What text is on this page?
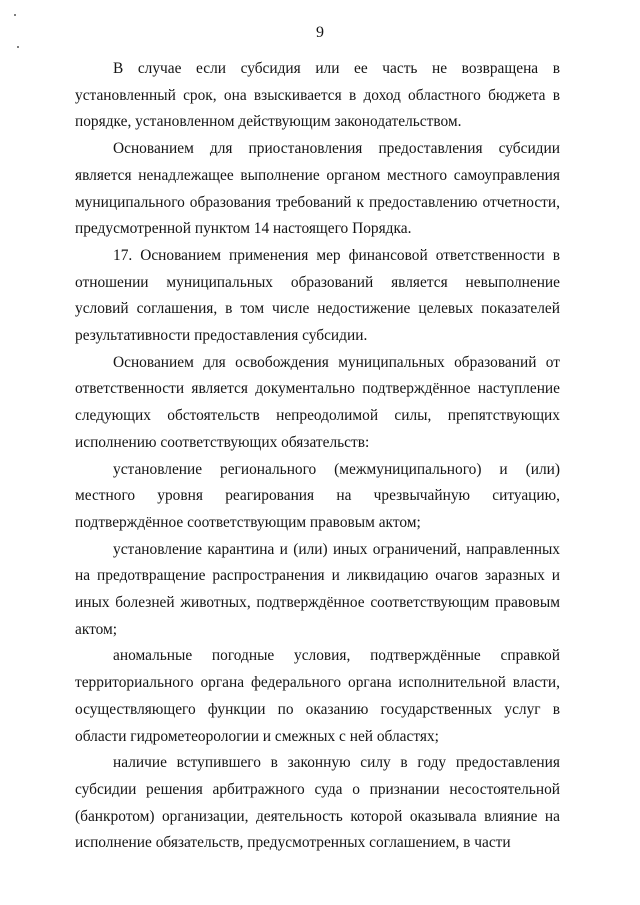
9

В случае если субсидия или ее часть не возвращена в установленный срок, она взыскивается в доход областного бюджета в порядке, установленном действующим законодательством.

Основанием для приостановления предоставления субсидии является ненадлежащее выполнение органом местного самоуправления муниципального образования требований к предоставлению отчетности, предусмотренной пунктом 14 настоящего Порядка.

17. Основанием применения мер финансовой ответственности в отношении муниципальных образований является невыполнение условий соглашения, в том числе недостижение целевых показателей результативности предоставления субсидии.

Основанием для освобождения муниципальных образований от ответственности является документально подтверждённое наступление следующих обстоятельств непреодолимой силы, препятствующих исполнению соответствующих обязательств:

установление регионального (межмуниципального) и (или) местного уровня реагирования на чрезвычайную ситуацию, подтверждённое соответствующим правовым актом;

установление карантина и (или) иных ограничений, направленных на предотвращение распространения и ликвидацию очагов заразных и иных болезней животных, подтверждённое соответствующим правовым актом;

аномальные погодные условия, подтверждённые справкой территориального органа федерального органа исполнительной власти, осуществляющего функции по оказанию государственных услуг в области гидрометеорологии и смежных с ней областях;

наличие вступившего в законную силу в году предоставления субсидии решения арбитражного суда о признании несостоятельной (банкротом) организации, деятельность которой оказывала влияние на исполнение обязательств, предусмотренных соглашением, в части
